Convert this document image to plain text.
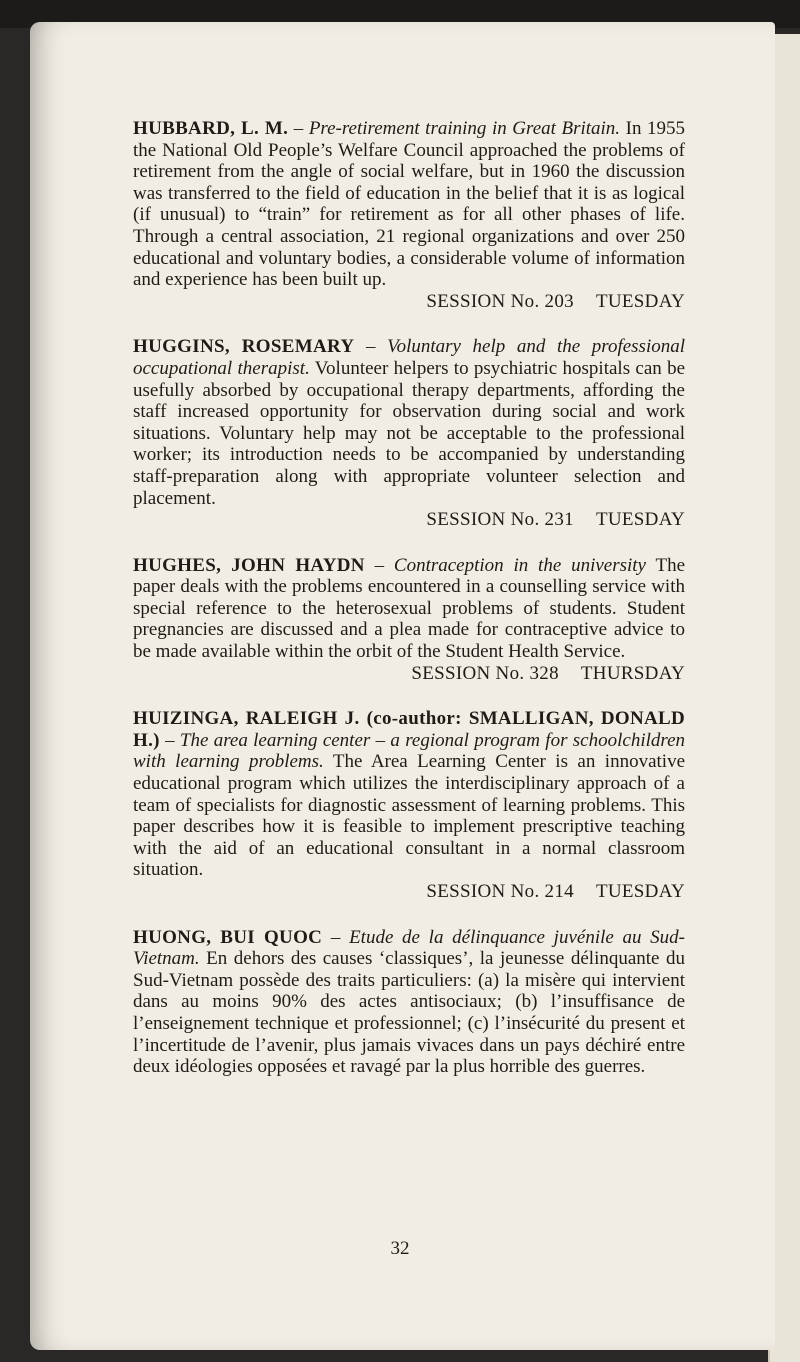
HUBBARD, L. M. – Pre-retirement training in Great Britain. In 1955 the National Old People’s Welfare Council approached the problems of retirement from the angle of social welfare, but in 1960 the discussion was transferred to the field of education in the belief that it is as logical (if unusual) to “train” for retirement as for all other phases of life. Through a central association, 21 regional organizations and over 250 educational and voluntary bodies, a considerable volume of information and experience has been built up.

SESSION No. 203 TUESDAY

HUGGINS, ROSEMARY – Voluntary help and the professional occupational therapist. Volunteer helpers to psychiatric hospitals can be usefully absorbed by occupational therapy departments, affording the staff increased opportunity for observation during social and work situations. Voluntary help may not be acceptable to the professional worker; its introduction needs to be accompanied by understanding staff-preparation along with appropriate volunteer selection and placement.

SESSION No. 231 TUESDAY

HUGHES, JOHN HAYDN – Contraception in the university The paper deals with the problems encountered in a counselling service with special reference to the heterosexual problems of students. Student pregnancies are discussed and a plea made for contraceptive advice to be made available within the orbit of the Student Health Service.

SESSION No. 328 THURSDAY

HUIZINGA, RALEIGH J. (co-author: SMALLIGAN, DONALD H.) – The area learning center – a regional program for schoolchildren with learning problems. The Area Learning Center is an innovative educational program which utilizes the interdisciplinary approach of a team of specialists for diagnostic assessment of learning problems. This paper describes how it is feasible to implement prescriptive teaching with the aid of an educational consultant in a normal classroom situation.

SESSION No. 214 TUESDAY

HUONG, BUI QUOC – Etude de la délinquance juvénile au Sud-Vietnam. En dehors des causes ‘classiques’, la jeunesse délinquante du Sud-Vietnam possède des traits particuliers: (a) la misère qui intervient dans au moins 90% des actes antisociaux; (b) l’insuffisance de l’enseignement technique et professionnel; (c) l’insécurité du present et l’incertitude de l’avenir, plus jamais vivaces dans un pays déchiré entre deux idéologies opposées et ravagé par la plus horrible des guerres.

32
